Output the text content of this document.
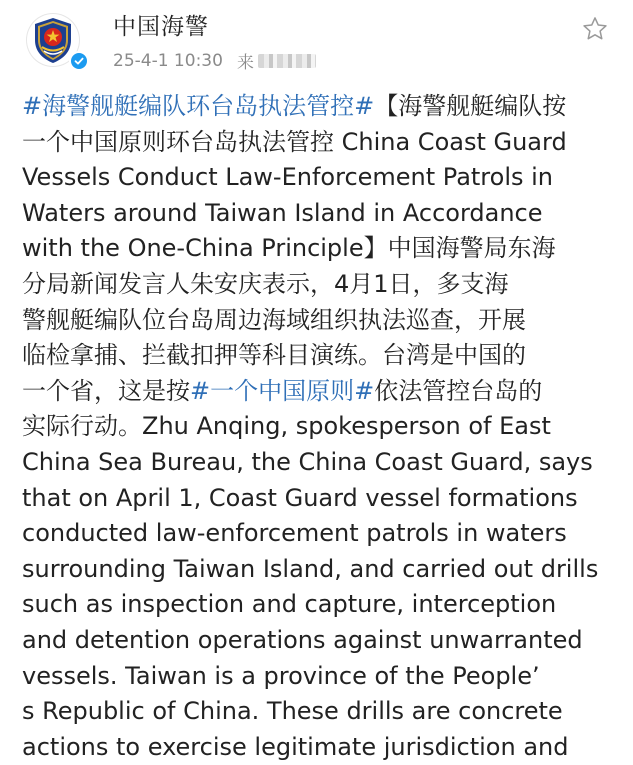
中国海警
25-4-1 10:30 来
#海警舰艇编队环台岛执法管控#【海警舰艇编队按
一个中国原则环台岛执法管控 China Coast Guard
Vessels Conduct Law-Enforcement Patrols in
Waters around Taiwan Island in Accordance
with the One-China Principle】中国海警局东海
分局新闻发言人朱安庆表示，4月1日，多支海
警舰艇编队位台岛周边海域组织执法巡查，开展
临检拿捕、拦截扣押等科目演练。台湾是中国的
一个省，这是按#一个中国原则#依法管控台岛的
实际行动。Zhu Anqing, spokesperson of East
China Sea Bureau, the China Coast Guard, says
that on April 1, Coast Guard vessel formations
conducted law-enforcement patrols in waters
surrounding Taiwan Island, and carried out drills
such as inspection and capture, interception
and detention operations against unwarranted
vessels. Taiwan is a province of the People’
s Republic of China. These drills are concrete
actions to exercise legitimate jurisdiction and
